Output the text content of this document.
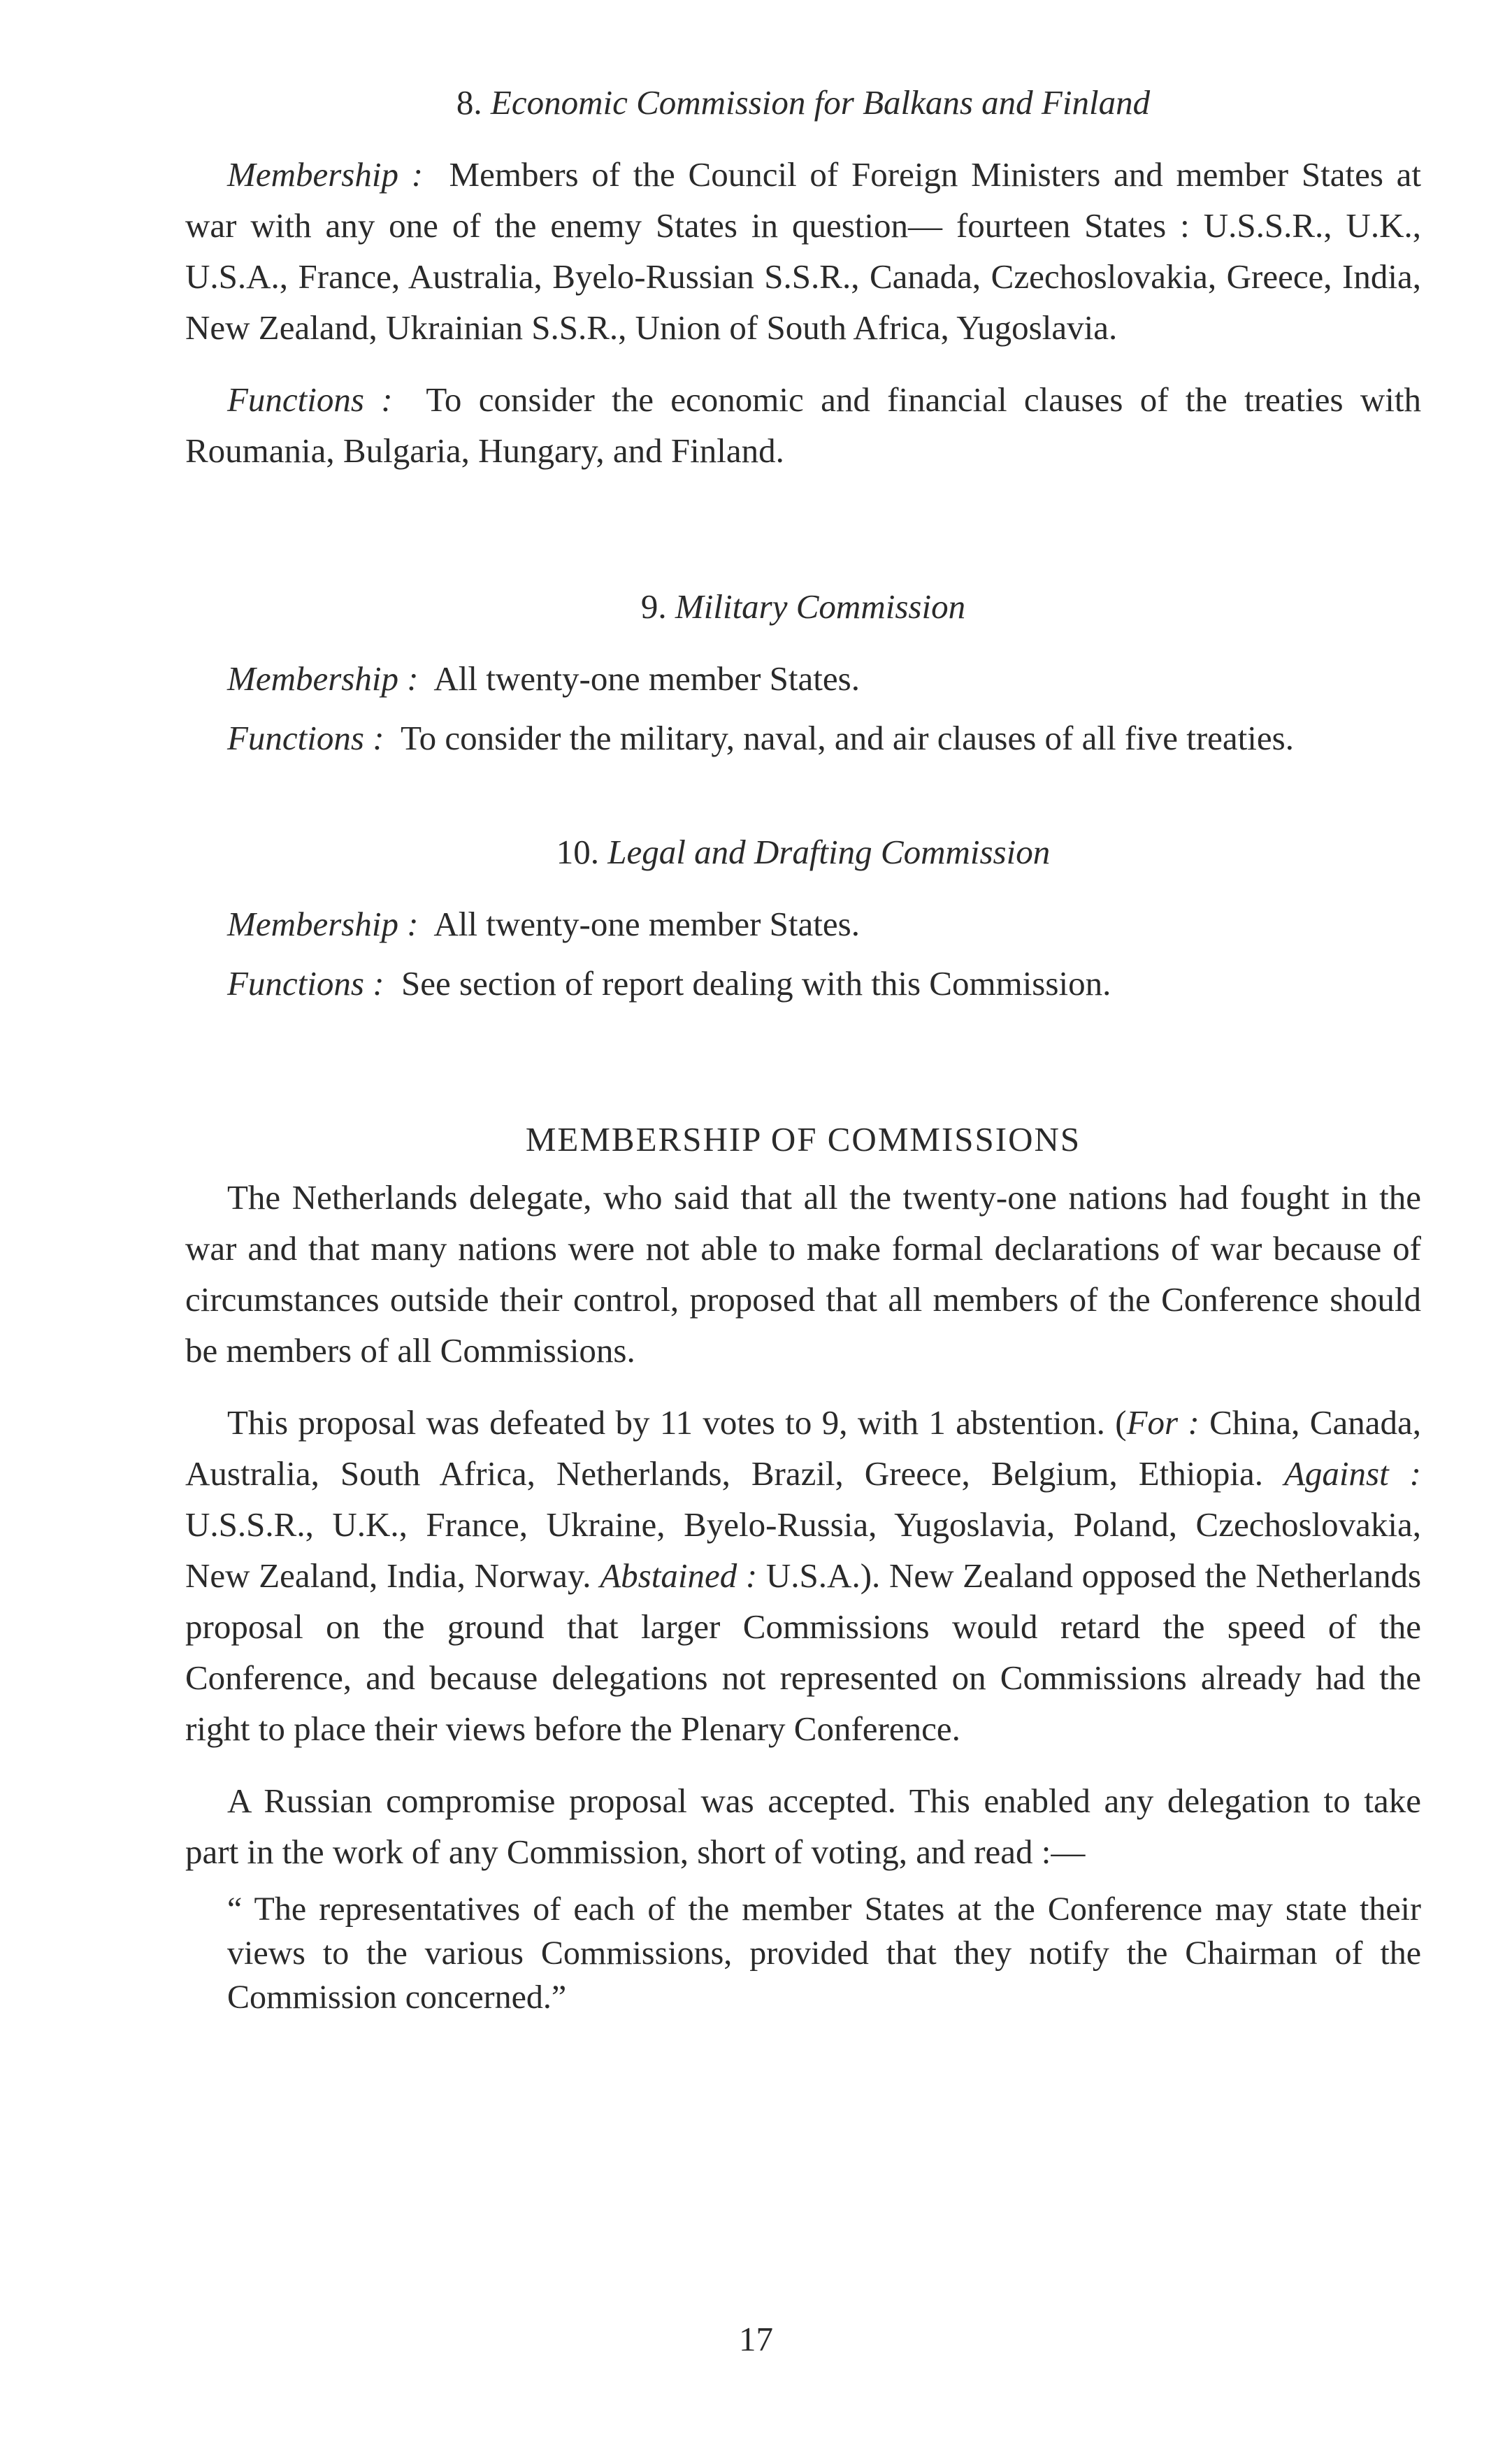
8. Economic Commission for Balkans and Finland

Membership : Members of the Council of Foreign Ministers and member States at war with any one of the enemy States in question— fourteen States : U.S.S.R., U.K., U.S.A., France, Australia, Byelo-Russian S.S.R., Canada, Czechoslovakia, Greece, India, New Zealand, Ukrainian S.S.R., Union of South Africa, Yugoslavia.

Functions : To consider the economic and financial clauses of the treaties with Roumania, Bulgaria, Hungary, and Finland.

9. Military Commission

Membership : All twenty-one member States.

Functions : To consider the military, naval, and air clauses of all five treaties.

10. Legal and Drafting Commission

Membership : All twenty-one member States.

Functions : See section of report dealing with this Commission.

MEMBERSHIP OF COMMISSIONS

The Netherlands delegate, who said that all the twenty-one nations had fought in the war and that many nations were not able to make formal declarations of war because of circumstances outside their control, proposed that all members of the Conference should be members of all Commissions.

This proposal was defeated by 11 votes to 9, with 1 abstention. (For : China, Canada, Australia, South Africa, Netherlands, Brazil, Greece, Belgium, Ethiopia. Against : U.S.S.R., U.K., France, Ukraine, Byelo-Russia, Yugoslavia, Poland, Czechoslovakia, New Zealand, India, Norway. Abstained : U.S.A.). New Zealand opposed the Netherlands proposal on the ground that larger Commissions would retard the speed of the Conference, and because delegations not represented on Commissions already had the right to place their views before the Plenary Conference.

A Russian compromise proposal was accepted. This enabled any delegation to take part in the work of any Commission, short of voting, and read :—

“ The representatives of each of the member States at the Conference may state their views to the various Commissions, provided that they notify the Chairman of the Commission concerned.”

17
